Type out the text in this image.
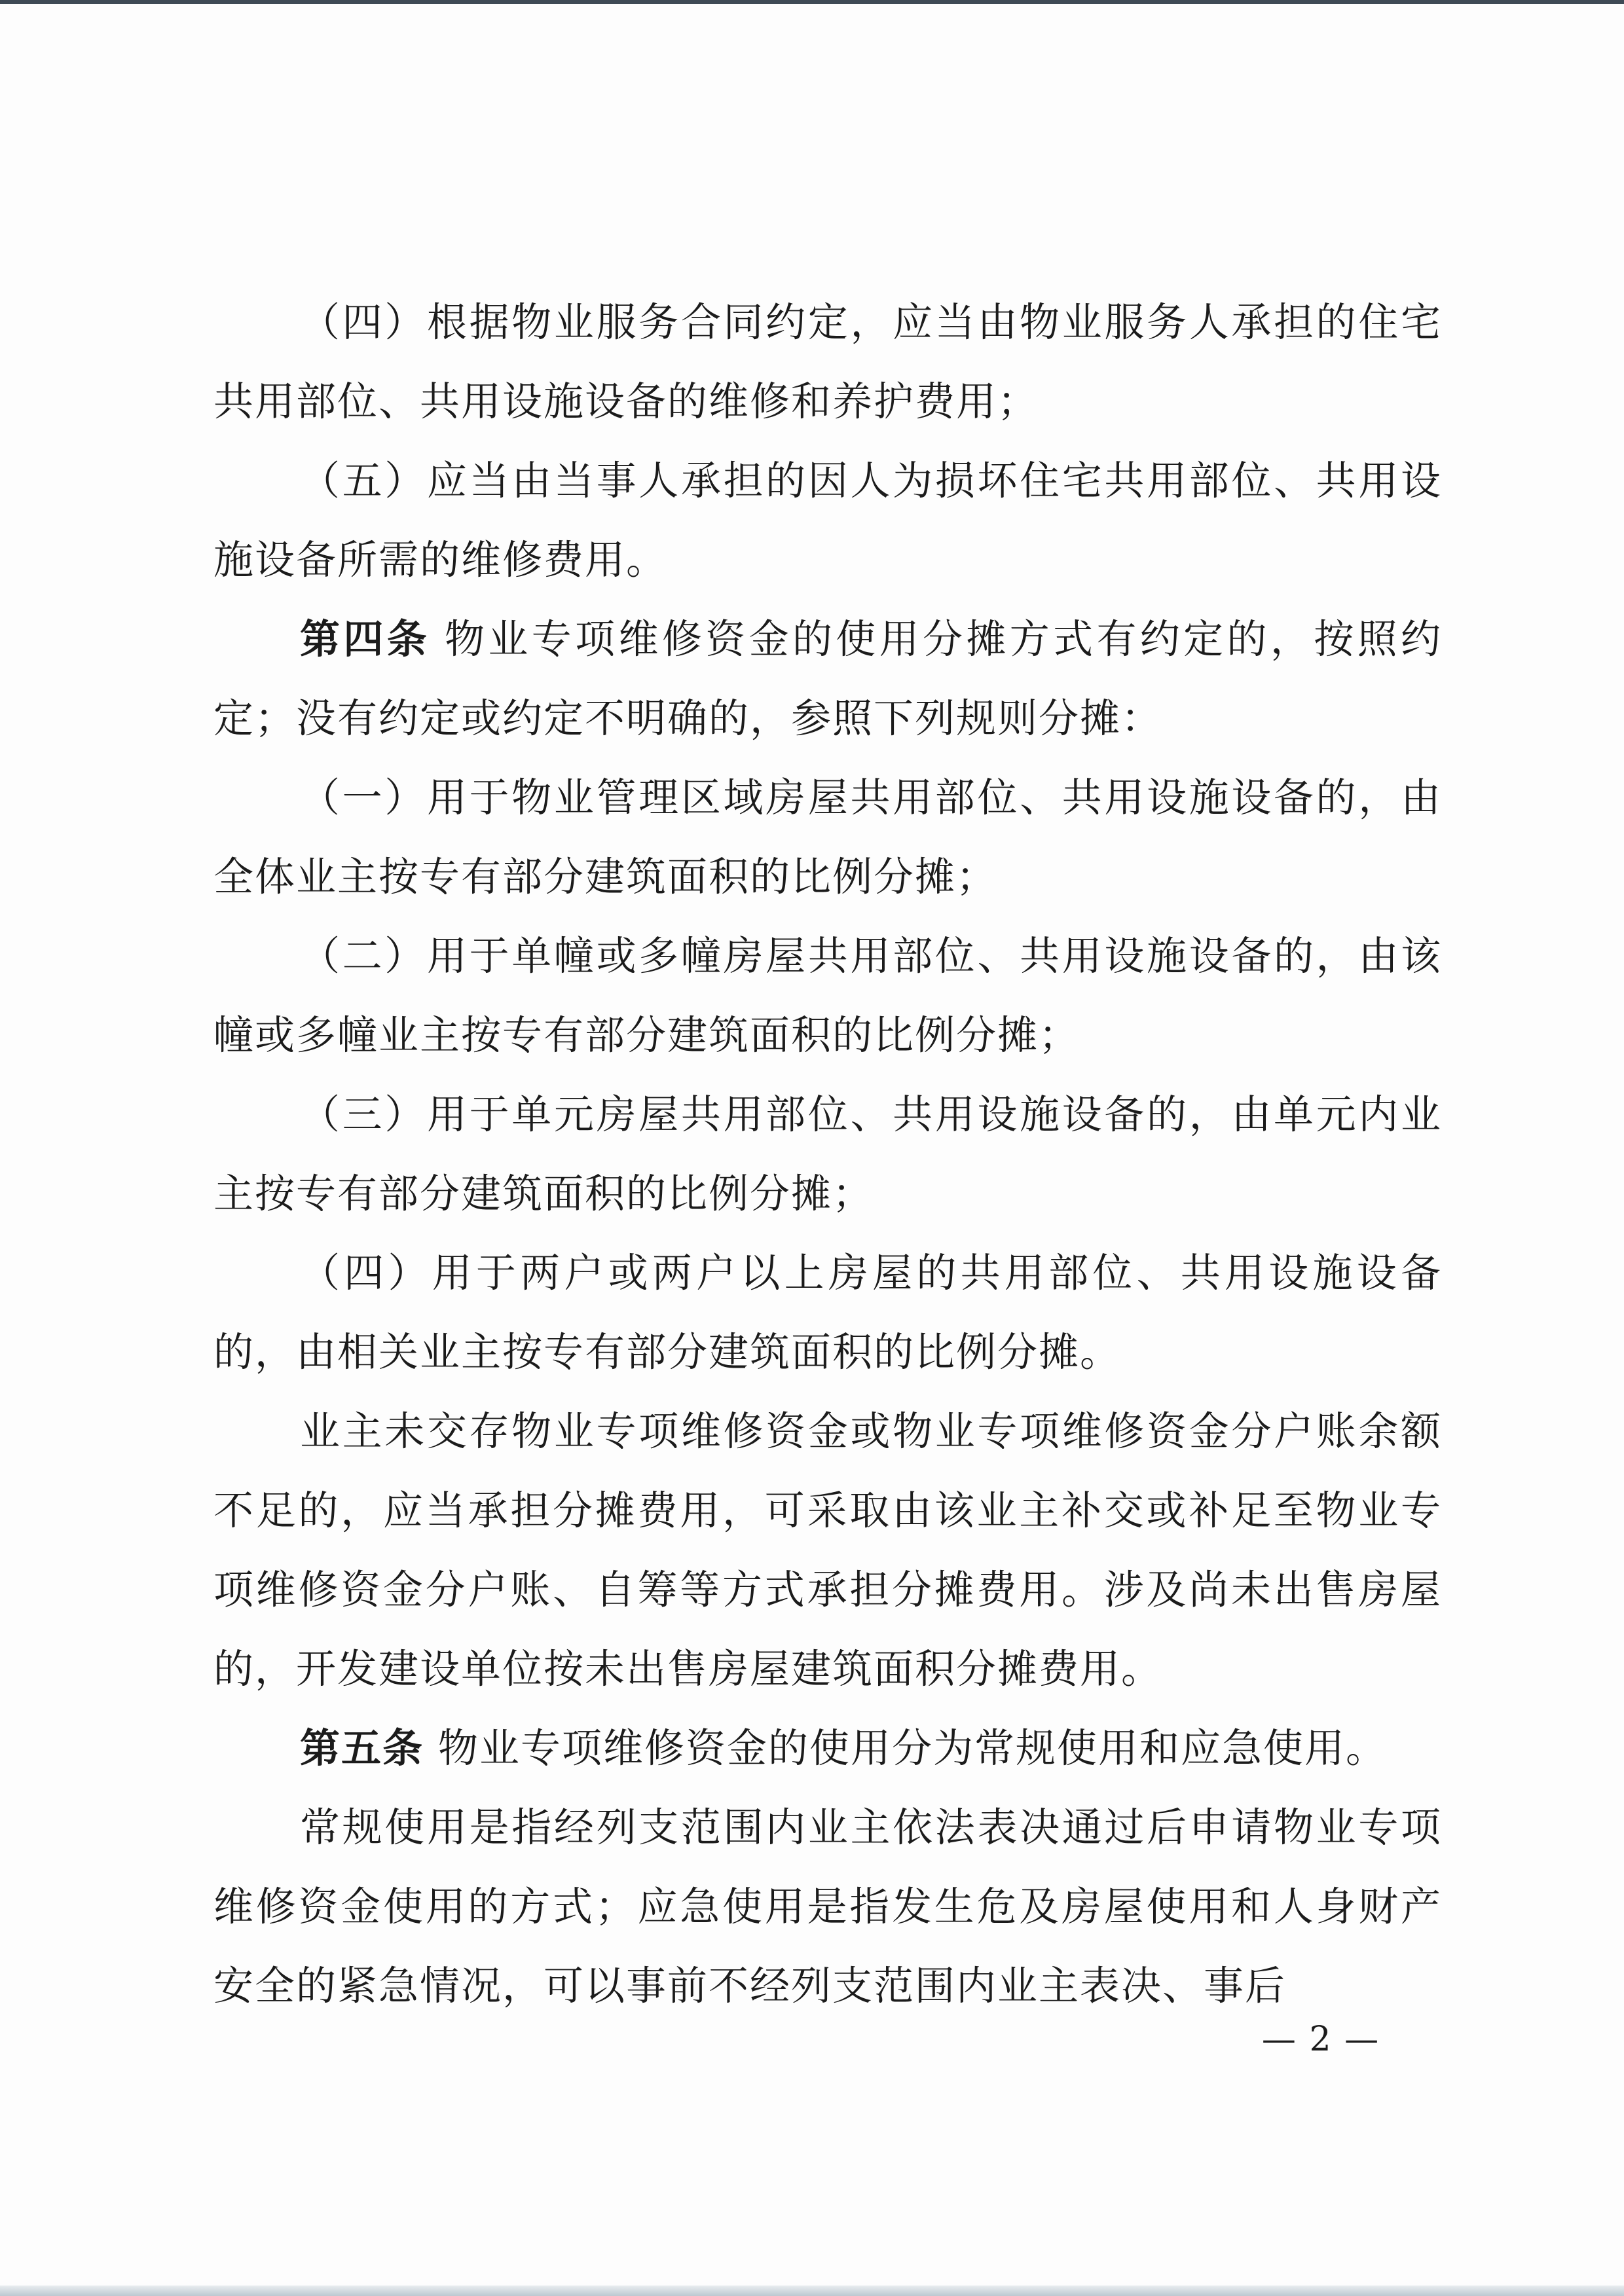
（四）根据物业服务合同约定，应当由物业服务人承担的住宅共用部位、共用设施设备的维修和养护费用；

（五）应当由当事人承担的因人为损坏住宅共用部位、共用设施设备所需的维修费用。

第四条 物业专项维修资金的使用分摊方式有约定的，按照约定；没有约定或约定不明确的，参照下列规则分摊：

（一）用于物业管理区域房屋共用部位、共用设施设备的，由全体业主按专有部分建筑面积的比例分摊；

（二）用于单幢或多幢房屋共用部位、共用设施设备的，由该幢或多幢业主按专有部分建筑面积的比例分摊；

（三）用于单元房屋共用部位、共用设施设备的，由单元内业主按专有部分建筑面积的比例分摊；

（四）用于两户或两户以上房屋的共用部位、共用设施设备的，由相关业主按专有部分建筑面积的比例分摊。

业主未交存物业专项维修资金或物业专项维修资金分户账余额不足的，应当承担分摊费用，可采取由该业主补交或补足至物业专项维修资金分户账、自筹等方式承担分摊费用。涉及尚未出售房屋的，开发建设单位按未出售房屋建筑面积分摊费用。

第五条 物业专项维修资金的使用分为常规使用和应急使用。

常规使用是指经列支范围内业主依法表决通过后申请物业专项维修资金使用的方式；应急使用是指发生危及房屋使用和人身财产安全的紧急情况，可以事前不经列支范围内业主表决、事后

— 2 —
